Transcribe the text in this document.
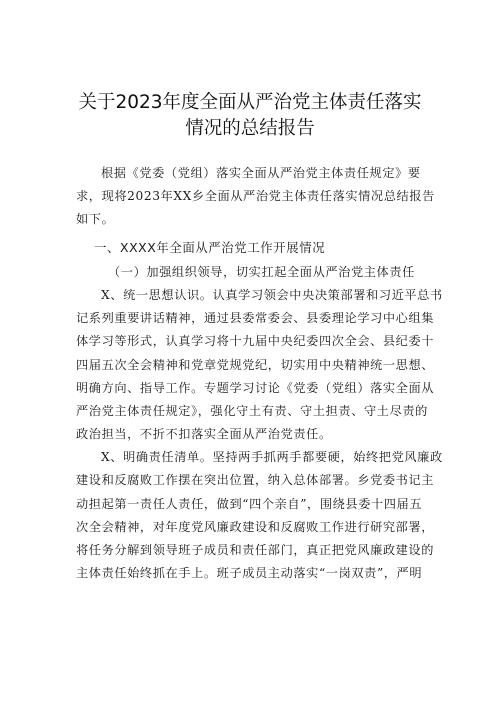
关于2023年度全面从严治党主体责任落实
情况的总结报告
根据《党委（党组）落实全面从严治党主体责任规定》要
求，现将2023年XX乡全面从严治党主体责任落实情况总结报告
如下。
一、XXXX年全面从严治党工作开展情况
（一）加强组织领导，切实扛起全面从严治党主体责任
X、统一思想认识。认真学习领会中央决策部署和习近平总书
记系列重要讲话精神，通过县委常委会、县委理论学习中心组集
体学习等形式，认真学习将十九届中央纪委四次全会、县纪委十
四届五次全会精神和党章党规党纪，切实用中央精神统一思想、
明确方向、指导工作。专题学习讨论《党委（党组）落实全面从
严治党主体责任规定》，强化守土有责、守土担责、守土尽责的
政治担当，不折不扣落实全面从严治党责任。
X、明确责任清单。坚持两手抓两手都要硬，始终把党风廉政
建设和反腐败工作摆在突出位置，纳入总体部署。乡党委书记主
动担起第一责任人责任，做到“四个亲自”，围绕县委十四届五
次全会精神，对年度党风廉政建设和反腐败工作进行研究部署，
将任务分解到领导班子成员和责任部门，真正把党风廉政建设的
主体责任始终抓在手上。班子成员主动落实“一岗双责”，严明
